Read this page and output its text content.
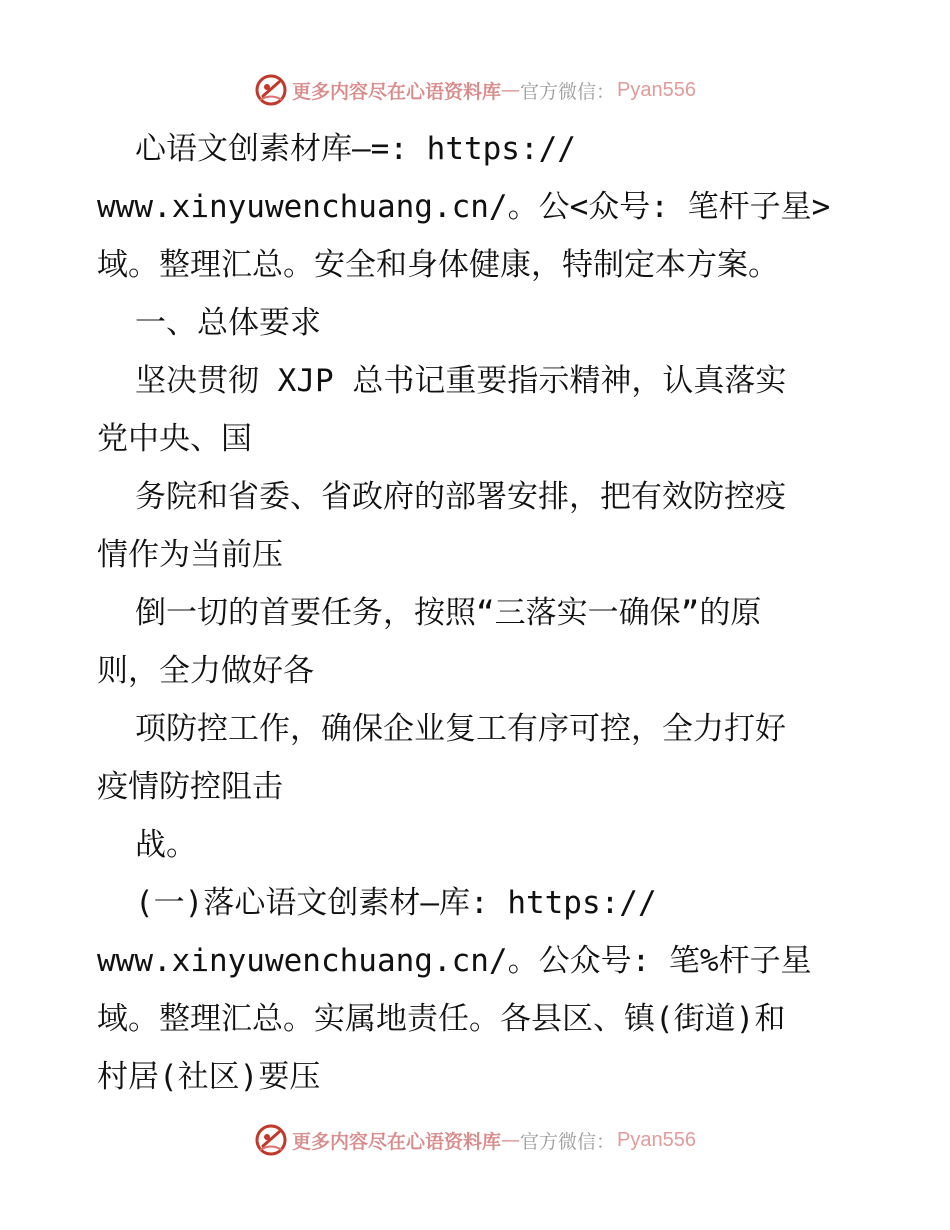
更多内容尽在心语资料库 — 官方微信： Pyan556
心语文创素材库—=: https://
www.xinyuwenchuang.cn/。公<众号: 笔杆子星>
域。整理汇总。安全和身体健康，特制定本方案。
一、总体要求
坚决贯彻 XJP 总书记重要指示精神，认真落实
党中央、国
务院和省委、省政府的部署安排，把有效防控疫
情作为当前压
倒一切的首要任务，按照“三落实一确保”的原
则，全力做好各
项防控工作，确保企业复工有序可控，全力打好
疫情防控阻击
战。
(一)落心语文创素材—库: https://
www.xinyuwenchuang.cn/。公众号: 笔%杆子星
域。整理汇总。实属地责任。各县区、镇(街道)和
村居(社区)要压
更多内容尽在心语资料库 — 官方微信： Pyan556
